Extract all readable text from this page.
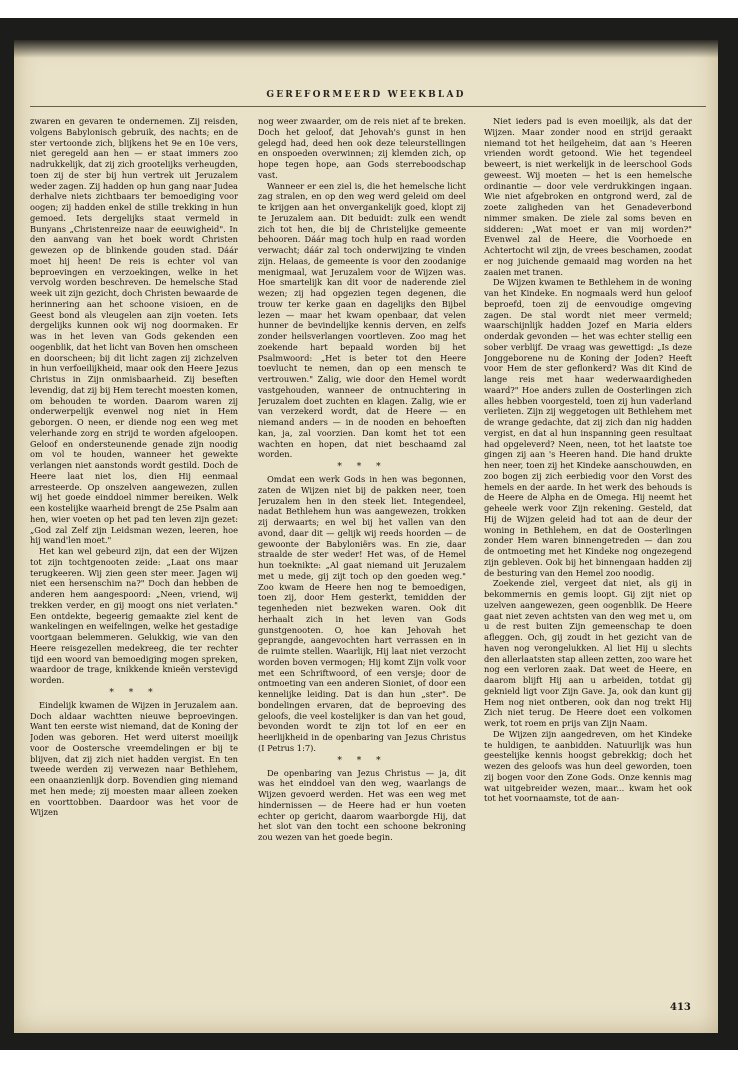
GEREFORMEERD WEEKBLAD

zwaren en gevaren te ondernemen. Zij reisden, volgens Babylonisch gebruik, des nachts; en de ster vertoonde zich, blijkens het 9e en 10e vers, niet geregeld aan hen — er staat immers zoo nadrukkelijk, dat zij zich grootelijks verheugden, toen zij de ster bij hun vertrek uit Jeruzalem weder zagen. Zij hadden op hun gang naar Judea derhalve niets zichtbaars ter bemoediging voor oogen; zij hadden enkel de stille trekking in hun gemoed. Iets dergelijks staat vermeld in Bunyans „Christenreize naar de eeuwigheid". In den aanvang van het boek wordt Christen gewezen op de blinkende gouden stad. Dáár moet hij heen! De reis is echter vol van beproevingen en verzoekingen, welke in het vervolg worden beschreven. De hemelsche Stad week uit zijn gezicht, doch Christen bewaarde de herinnering aan het schoone visioen, en de Geest bond als vleugelen aan zijn voeten. Iets dergelijks kunnen ook wij nog doormaken. Er was in het leven van Gods gekenden een oogenblik, dat het licht van Boven hen omscheen en doorscheen; bij dit licht zagen zij zichzelven in hun verfoeilijkheid, maar ook den Heere Jezus Christus in Zijn onmisbaarheid. Zij beseften levendig, dat zij bij Hem terecht moesten komen, om behouden te worden. Daarom waren zij onderwerpelijk evenwel nog niet in Hem geborgen. O neen, er diende nog een weg met velerhande zorg en strijd te worden afgeloopen. Geloof en ondersteunende genade zijn noodig om vol te houden, wanneer het gewekte verlangen niet aanstonds wordt gestild. Doch de Heere laat niet los, dien Hij eenmaal arresteerde. Op onszelven aangewezen, zullen wij het goede einddoel nimmer bereiken. Welk een kostelijke waarheid brengt de 25e Psalm aan hen, wier voeten op het pad ten leven zijn gezet: „God zal Zelf zijn Leidsman wezen, leeren, hoe hij wand'len moet."

Het kan wel gebeurd zijn, dat een der Wijzen tot zijn tochtgenooten zeide: „Laat ons maar terugkeeren. Wij zien geen ster meer. Jagen wij niet een hersenschim na?" Doch dan hebben de anderen hem aangespoord: „Neen, vriend, wij trekken verder, en gij moogt ons niet verlaten." Een ontdekte, begeerig gemaakte ziel kent de wankelingen en weifelingen, welke het gestadige voortgaan belemmeren. Gelukkig, wie van den Heere reisgezellen medekreeg, die ter rechter tijd een woord van bemoediging mogen spreken, waardoor de trage, knikkende knieën verstevigd worden.

* * *

Eindelijk kwamen de Wijzen in Jeruzalem aan. Doch aldaar wachtten nieuwe beproevingen. Want ten eerste wist niemand, dat de Koning der Joden was geboren. Het werd uiterst moeilijk voor de Oostersche vreemdelingen er bij te blijven, dat zij zich niet hadden vergist. En ten tweede werden zij verwezen naar Bethlehem, een onaanzienlijk dorp. Bovendien ging niemand met hen mede; zij moesten maar alleen zoeken en voorttobben. Daardoor was het voor de Wijzen

nog weer zwaarder, om de reis niet af te breken. Doch het geloof, dat Jehovah's gunst in hen gelegd had, deed hen ook deze teleurstellingen en onspoeden overwinnen; zij klemden zich, op hope tegen hope, aan Gods sterreboodschap vast.

Wanneer er een ziel is, die het hemelsche licht zag stralen, en op den weg werd geleid om deel te krijgen aan het onvergankelijk goed, klopt zij te Jeruzalem aan. Dit beduidt: zulk een wendt zich tot hen, die bij de Christelijke gemeente behooren. Dáár mag toch hulp en raad worden verwacht; dáár zal toch onderwijzing te vinden zijn. Helaas, de gemeente is voor den zoodanige menigmaal, wat Jeruzalem voor de Wijzen was. Hoe smartelijk kan dit voor de naderende ziel wezen; zij had opgezien tegen degenen, die trouw ter kerke gaan en dagelijks den Bijbel lezen — maar het kwam openbaar, dat velen hunner de bevindelijke kennis derven, en zelfs zonder heilsverlangen voortleven. Zoo mag het zoekende hart bepaald worden bij het Psalmwoord: „Het is beter tot den Heere toevlucht te nemen, dan op een mensch te vertrouwen." Zalig, wie door den Hemel wordt vastgehouden, wanneer de ontnuchtering in Jeruzalem doet zuchten en klagen. Zalig, wie er van verzekerd wordt, dat de Heere — en niemand anders — in de nooden en behoeften kan, ja, zal voorzien. Dan komt het tot een wachten en hopen, dat niet beschaamd zal worden.

* * *

Omdat een werk Gods in hen was begonnen, zaten de Wijzen niet bij de pakken neer, toen Jeruzalem hen in den steek liet. Integendeel, nadat Bethlehem hun was aangewezen, trokken zij derwaarts; en wel bij het vallen van den avond, daar dit — gelijk wij reeds hoorden — de gewoonte der Babyloniërs was. En zie, daar straalde de ster weder! Het was, of de Hemel hun toeknikte: „Al gaat niemand uit Jeruzalem met u mede, gij zijt toch op den goeden weg." Zoo kwam de Heere hen nog te bemoedigen, toen zij, door Hem gesterkt, temidden der tegenheden niet bezweken waren. Ook dit herhaalt zich in het leven van Gods gunstgenooten. O, hoe kan Jehovah het geprangde, aangevochten hart verrassen en in de ruimte stellen. Waarlijk, Hij laat niet verzocht worden boven vermogen; Hij komt Zijn volk voor met een Schriftwoord, of een versje; door de ontmoeting van een anderen Sioniet, of door een kennelijke leiding. Dat is dan hun „ster". De bondelingen ervaren, dat de beproeving des geloofs, die veel kostelijker is dan van het goud, bevonden wordt te zijn tot lof en eer en heerlijkheid in de openbaring van Jezus Christus (I Petrus 1:7).

* * *

De openbaring van Jezus Christus — ja, dit was het einddoel van den weg, waarlangs de Wijzen gevoerd werden. Het was een weg met hindernissen — de Heere had er hun voeten echter op gericht, daarom waarborgde Hij, dat het slot van den tocht een schoone bekroning zou wezen van het goede begin.

Niet ieders pad is even moeilijk, als dat der Wijzen. Maar zonder nood en strijd geraakt niemand tot het heilgeheim, dat aan 's Heeren vrienden wordt getoond. Wie het tegendeel beweert, is niet werkelijk in de leerschool Gods geweest. Wij moeten — het is een hemelsche ordinantie — door vele verdrukkingen ingaan. Wie niet afgebroken en ontgrond werd, zal de zoete zaligheden van het Genadeverbond nimmer smaken. De ziele zal soms beven en sidderen: „Wat moet er van mij worden?" Evenwel zal de Heere, die Voorhoede en Achtertocht wil zijn, de vrees beschamen, zoodat er nog juichende gemaaid mag worden na het zaaien met tranen.

De Wijzen kwamen te Bethlehem in de woning van het Kindeke. En nogmaals werd hun geloof beproefd, toen zij de eenvoudige omgeving zagen. De stal wordt niet meer vermeld; waarschijnlijk hadden Jozef en Maria elders onderdak gevonden — het was echter stellig een sober verblijf. De vraag was gewettigd: „Is deze Jonggeborene nu de Koning der Joden? Heeft voor Hem de ster geflonkerd? Was dit Kind de lange reis met haar wederwaardigheden waard?" Hoe anders zullen de Oosterlingen zich alles hebben voorgesteld, toen zij hun vaderland verlieten. Zijn zij weggetogen uit Bethlehem met de wrange gedachte, dat zij zich dan nig hadden vergist, en dat al hun inspanning geen resultaat had opgeleverd? Neen, neen, tot het laatste toe gingen zij aan 's Heeren hand. Die hand drukte hen neer, toen zij het Kindeke aanschouwden, en zoo bogen zij zich eerbiedig voor den Vorst des hemels en der aarde. In het werk des behouds is de Heere de Alpha en de Omega. Hij neemt het geheele werk voor Zijn rekening. Gesteld, dat Hij de Wijzen geleid had tot aan de deur der woning in Bethlehem, en dat de Oosterlingen zonder Hem waren binnengetreden — dan zou de ontmoeting met het Kindeke nog ongezegend zijn gebleven. Ook bij het binnengaan hadden zij de besturing van den Hemel zoo noodig.

Zoekende ziel, vergeet dat niet, als gij in bekommernis en gemis loopt. Gij zijt niet op uzelven aangewezen, geen oogenblik. De Heere gaat niet zeven achtsten van den weg met u, om u de rest buiten Zijn gemeenschap te doen afleggen. Och, gij zoudt in het gezicht van de haven nog verongelukken. Al liet Hij u slechts den allerlaatsten stap alleen zetten, zoo ware het nog een verloren zaak. Dat weet de Heere, en daarom blijft Hij aan u arbeiden, totdat gij geknield ligt voor Zijn Gave. Ja, ook dan kunt gij Hem nog niet ontberen, ook dan nog trekt Hij Zich niet terug. De Heere doet een volkomen werk, tot roem en prijs van Zijn Naam.

De Wijzen zijn aangedreven, om het Kindeke te huldigen, te aanbidden. Natuurlijk was hun geestelijke kennis hoogst gebrekkig; doch het wezen des geloofs was hun deel geworden, toen zij bogen voor den Zone Gods. Onze kennis mag wat uitgebreider wezen, maar... kwam het ook tot het voornaamste, tot de aan-

413
